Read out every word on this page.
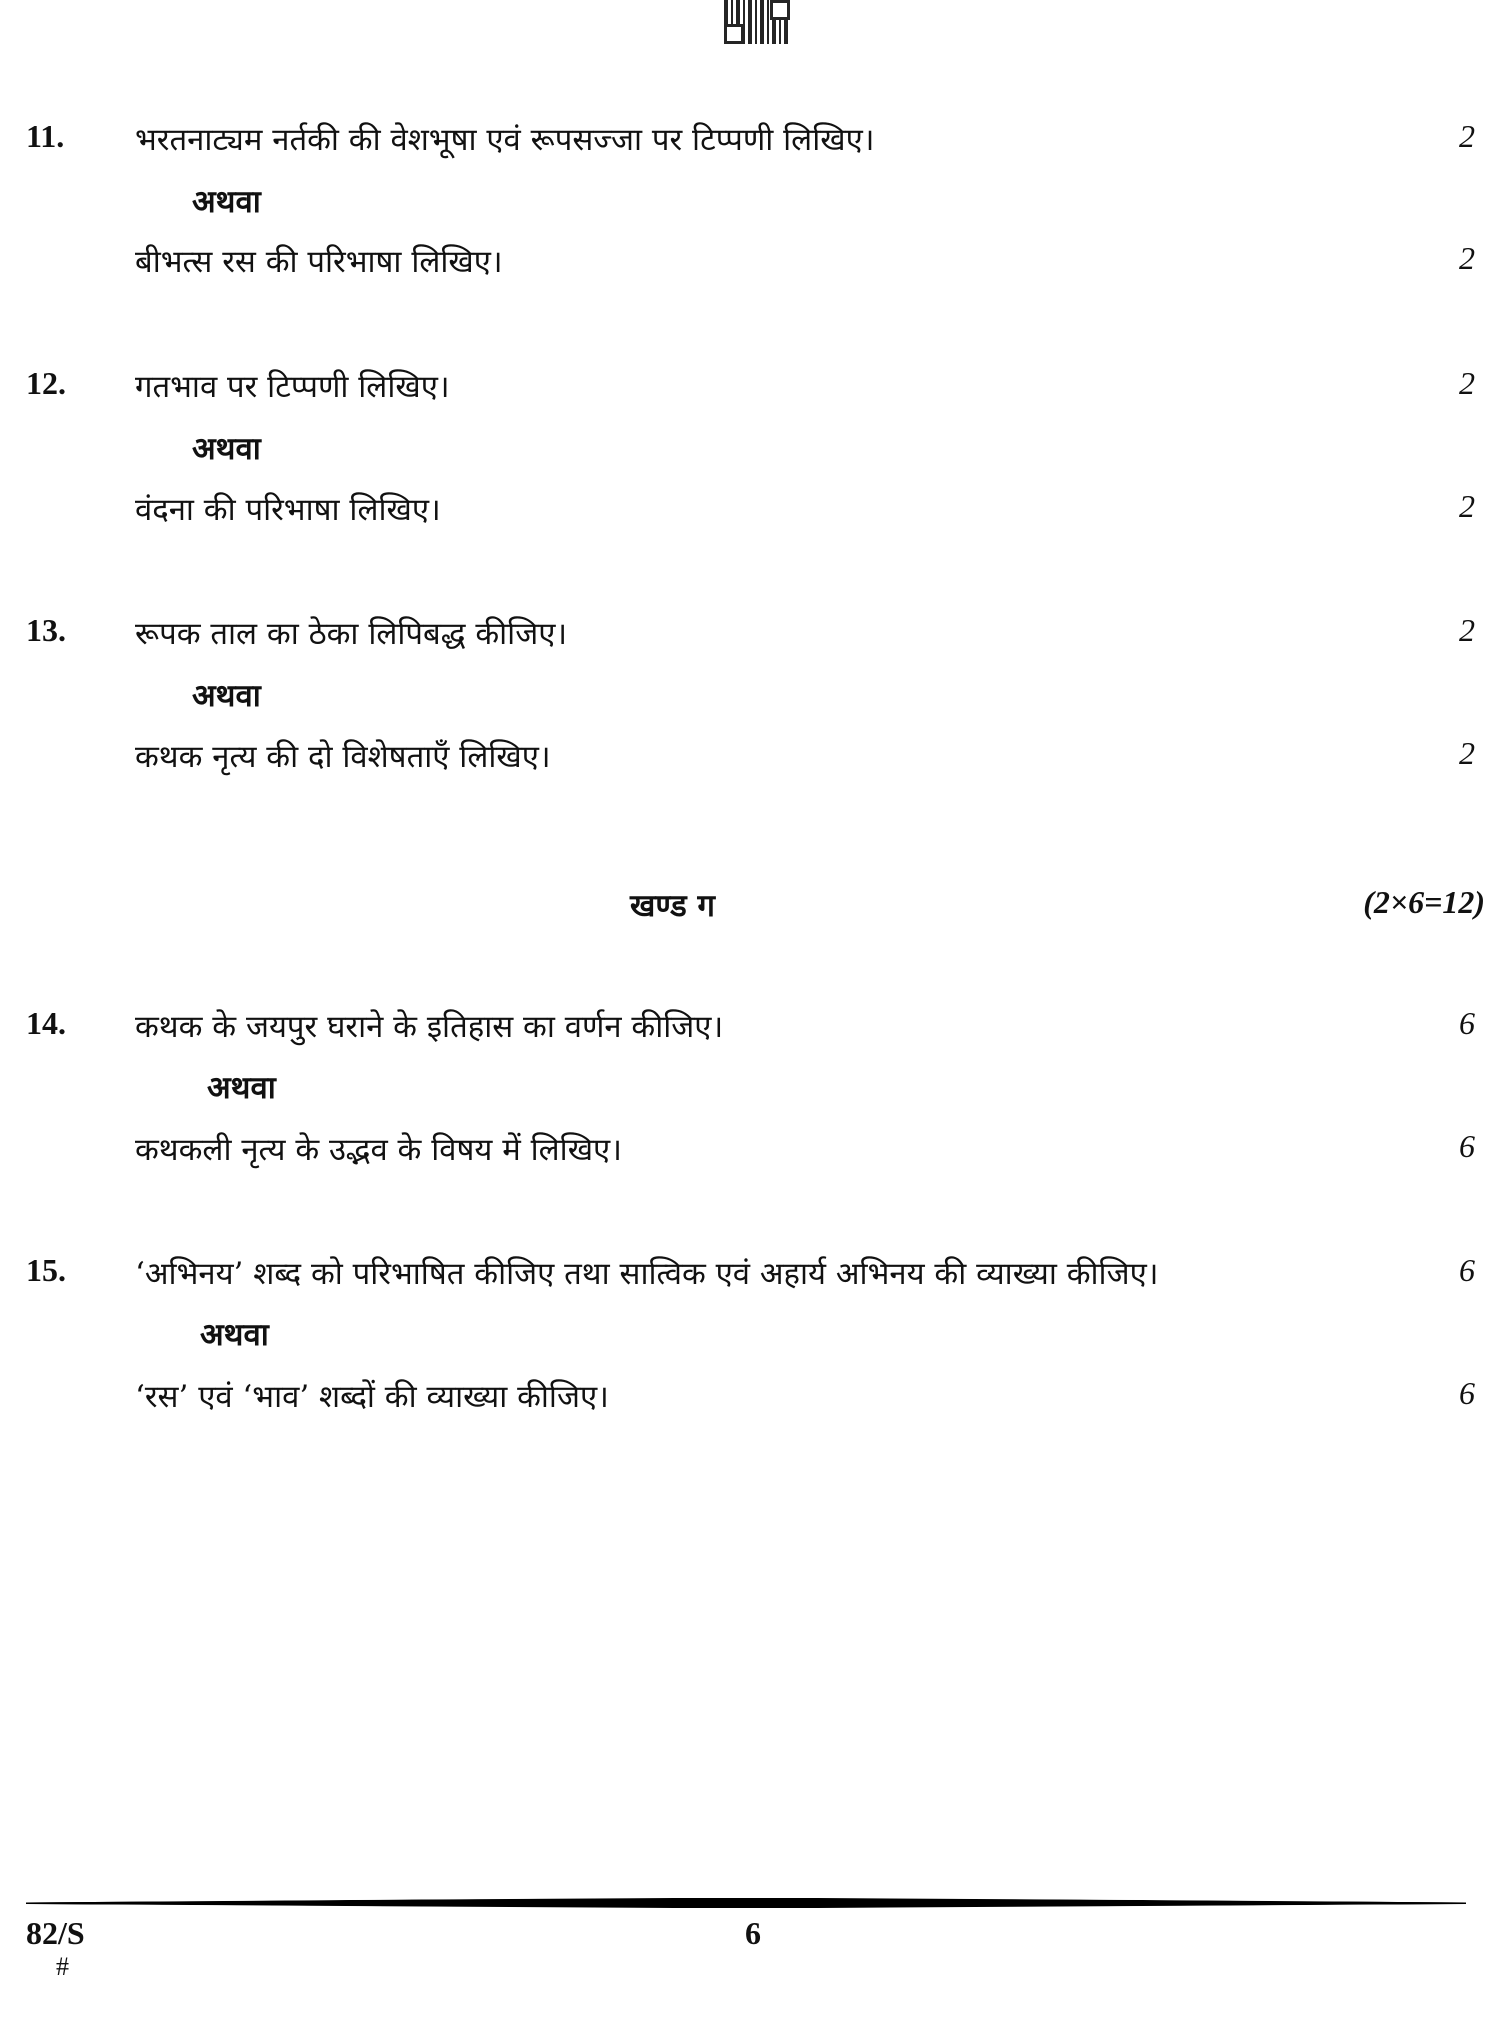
11. भरतनाट्यम नर्तकी की वेशभूषा एवं रूपसज्जा पर टिप्पणी लिखिए।	2
अथवा
बीभत्स रस की परिभाषा लिखिए।	2
12. गतभाव पर टिप्पणी लिखिए।	2
अथवा
वंदना की परिभाषा लिखिए।	2
13. रूपक ताल का ठेका लिपिबद्ध कीजिए।	2
अथवा
कथक नृत्य की दो विशेषताएँ लिखिए।	2
खण्ड ग	(2×6=12)
14. कथक के जयपुर घराने के इतिहास का वर्णन कीजिए।	6
अथवा
कथकली नृत्य के उद्भव के विषय में लिखिए।	6
15. ‘अभिनय’ शब्द को परिभाषित कीजिए तथा सात्विक एवं अहार्य अभिनय की व्याख्या कीजिए।	6
अथवा
‘रस’ एवं ‘भाव’ शब्दों की व्याख्या कीजिए।	6
82/S
#
6
